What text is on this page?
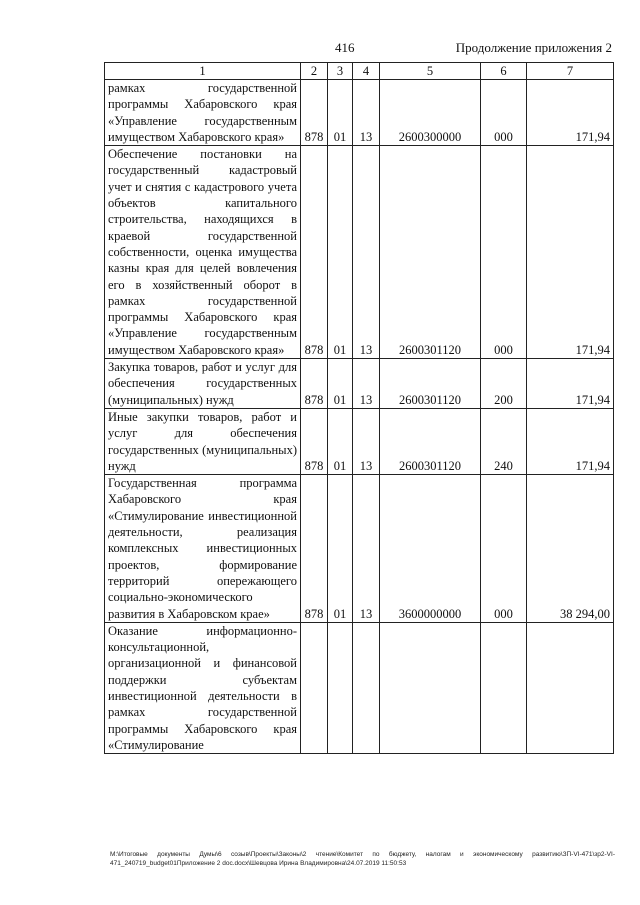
416	Продолжение приложения 2
1	2	3	4	5	6	7
рамках государственной программы Хабаровского края «Управление государственным имуществом Хабаровского края»	878	01	13	2600300000	000	171,94
Обеспечение постановки на государственный кадастровый учет и снятия с кадастрового учета объектов капитального строительства, находящихся в краевой государственной собственности, оценка имущества казны края для целей вовлечения его в хозяйственный оборот в рамках государственной программы Хабаровского края «Управление государственным имуществом Хабаровского края»	878	01	13	2600301120	000	171,94
Закупка товаров, работ и услуг для обеспечения государственных (муниципальных) нужд	878	01	13	2600301120	200	171,94
Иные закупки товаров, работ и услуг для обеспечения государственных (муниципальных) нужд	878	01	13	2600301120	240	171,94
Государственная программа Хабаровского края «Стимулирование инвестиционной деятельности, реализация комплексных инвестиционных проектов, формирование территорий опережающего социально-экономического развития в Хабаровском крае»	878	01	13	3600000000	000	38 294,00
Оказание информационно-консультационной, организационной и финансовой поддержки субъектам инвестиционной деятельности в рамках государственной программы Хабаровского края «Стимулирование						
М:\Итоговые документы Думы\6 созыв\Проекты\Законы\2 чтение\Комитет по бюджету, налогам и экономическому развитию\ЗП-VI-471\зр2-VI-471_240719_budget01Приложение 2 doc.docx\Шевцова Ирина Владимировна\24.07.2019 11:50:53
